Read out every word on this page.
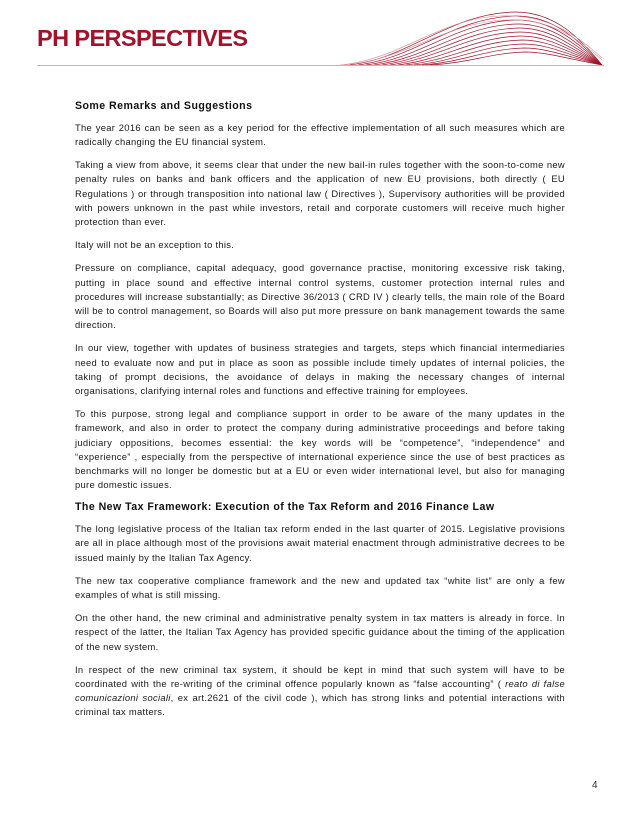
PH PERSPECTIVES
Some Remarks and Suggestions

The year 2016 can be seen as a key period for the effective implementation of all such measures which are radically changing the EU financial system.

Taking a view from above, it seems clear that under the new bail-in rules together with the soon-to-come new penalty rules on banks and bank officers and the application of new EU provisions, both directly ( EU Regulations ) or through transposition into national law ( Directives ), Supervisory authorities will be provided with powers unknown in the past while investors, retail and corporate customers will receive much higher protection than ever.

Italy will not be an exception to this.

Pressure on compliance, capital adequacy, good governance practise, monitoring excessive risk taking, putting in place sound and effective internal control systems, customer protection internal rules and procedures will increase substantially; as Directive 36/2013 ( CRD IV ) clearly tells, the main role of the Board will be to control management, so Boards will also put more pressure on bank management towards the same direction.

In our view, together with updates of business strategies and targets, steps which financial intermediaries need to evaluate now and put in place as soon as possible include timely updates of internal policies, the taking of prompt decisions, the avoidance of delays in making the necessary changes of internal organisations, clarifying internal roles and functions and effective training for employees.

To this purpose, strong legal and compliance support in order to be aware of the many updates in the framework, and also in order to protect the company during administrative proceedings and before taking judiciary oppositions, becomes essential: the key words will be “competence”, “independence” and “experience” , especially from the perspective of international experience since the use of best practices as benchmarks will no longer be domestic but at a EU or even wider international level, but also for managing pure domestic issues.

The New Tax Framework: Execution of the Tax Reform and 2016 Finance Law

The long legislative process of the Italian tax reform ended in the last quarter of 2015. Legislative provisions are all in place although most of the provisions await material enactment through administrative decrees to be issued mainly by the Italian Tax Agency.

The new tax cooperative compliance framework and the new and updated tax “white list” are only a few examples of what is still missing.

On the other hand, the new criminal and administrative penalty system in tax matters is already in force. In respect of the latter, the Italian Tax Agency has provided specific guidance about the timing of the application of the new system.

In respect of the new criminal tax system, it should be kept in mind that such system will have to be coordinated with the re-writing of the criminal offence popularly known as “false accounting” ( reato di false comunicazioni sociali, ex art.2621 of the civil code ), which has strong links and potential interactions with criminal tax matters.

4
